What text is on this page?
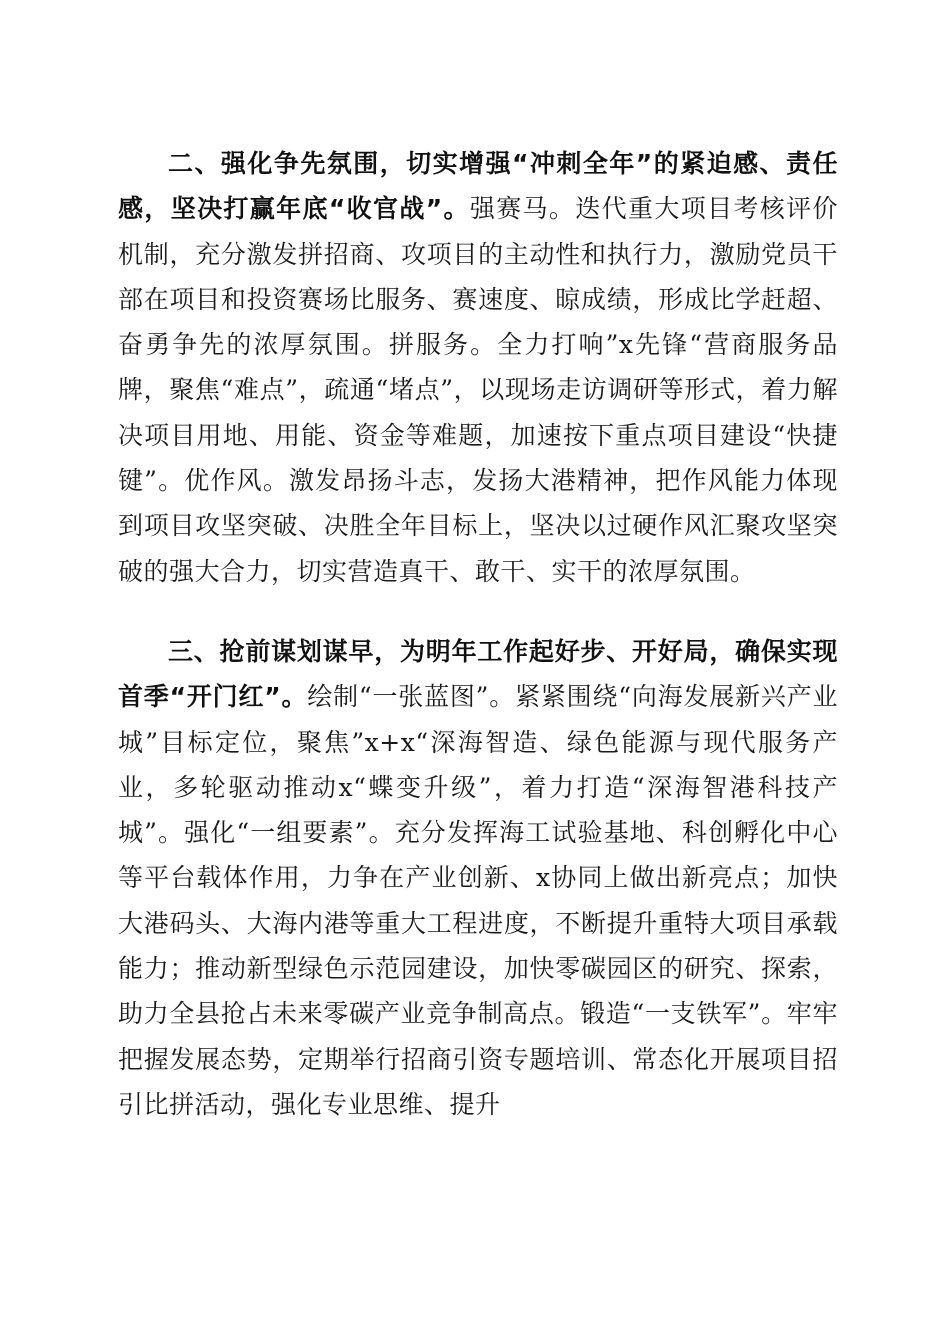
二、强化争先氛围，切实增强“冲刺全年”的紧迫感、责任感，坚决打赢年底“收官战”。强赛马。迭代重大项目考核评价机制，充分激发拼招商、攻项目的主动性和执行力，激励党员干部在项目和投资赛场比服务、赛速度、晾成绩，形成比学赶超、奋勇争先的浓厚氛围。拼服务。全力打响”x先锋“营商服务品牌，聚焦“难点”，疏通“堵点”，以现场走访调研等形式，着力解决项目用地、用能、资金等难题，加速按下重点项目建设“快捷键”。优作风。激发昂扬斗志，发扬大港精神，把作风能力体现到项目攻坚突破、决胜全年目标上，坚决以过硬作风汇聚攻坚突破的强大合力，切实营造真干、敢干、实干的浓厚氛围。

三、抢前谋划谋早，为明年工作起好步、开好局，确保实现首季“开门红”。绘制“一张蓝图”。紧紧围绕“向海发展新兴产业城”目标定位，聚焦”x+x“深海智造、绿色能源与现代服务产业，多轮驱动推动x“蝶变升级”，着力打造“深海智港科技产城”。强化“一组要素”。充分发挥海工试验基地、科创孵化中心等平台载体作用，力争在产业创新、x协同上做出新亮点；加快大港码头、大海内港等重大工程进度，不断提升重特大项目承载能力；推动新型绿色示范园建设，加快零碳园区的研究、探索，助力全县抢占未来零碳产业竞争制高点。锻造“一支铁军”。牢牢把握发展态势，定期举行招商引资专题培训、常态化开展项目招引比拼活动，强化专业思维、提升
